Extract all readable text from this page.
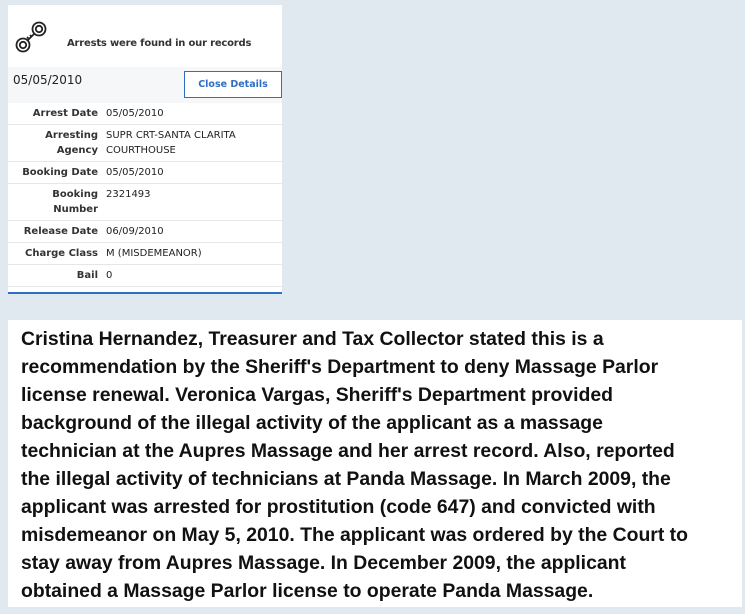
Arrests were found in our records
05/05/2010	Close Details
Arrest Date	05/05/2010
Arresting Agency	SUPR CRT-SANTA CLARITA COURTHOUSE
Booking Date	05/05/2010
Booking Number	2321493
Release Date	06/09/2010
Charge Class	M (MISDEMEANOR)
Bail	0

Cristina Hernandez, Treasurer and Tax Collector stated this is a
recommendation by the Sheriff's Department to deny Massage Parlor
license renewal. Veronica Vargas, Sheriff's Department provided
background of the illegal activity of the applicant as a massage
technician at the Aupres Massage and her arrest record. Also, reported
the illegal activity of technicians at Panda Massage. In March 2009, the
applicant was arrested for prostitution (code 647) and convicted with
misdemeanor on May 5, 2010. The applicant was ordered by the Court to
stay away from Aupres Massage. In December 2009, the applicant
obtained a Massage Parlor license to operate Panda Massage.
